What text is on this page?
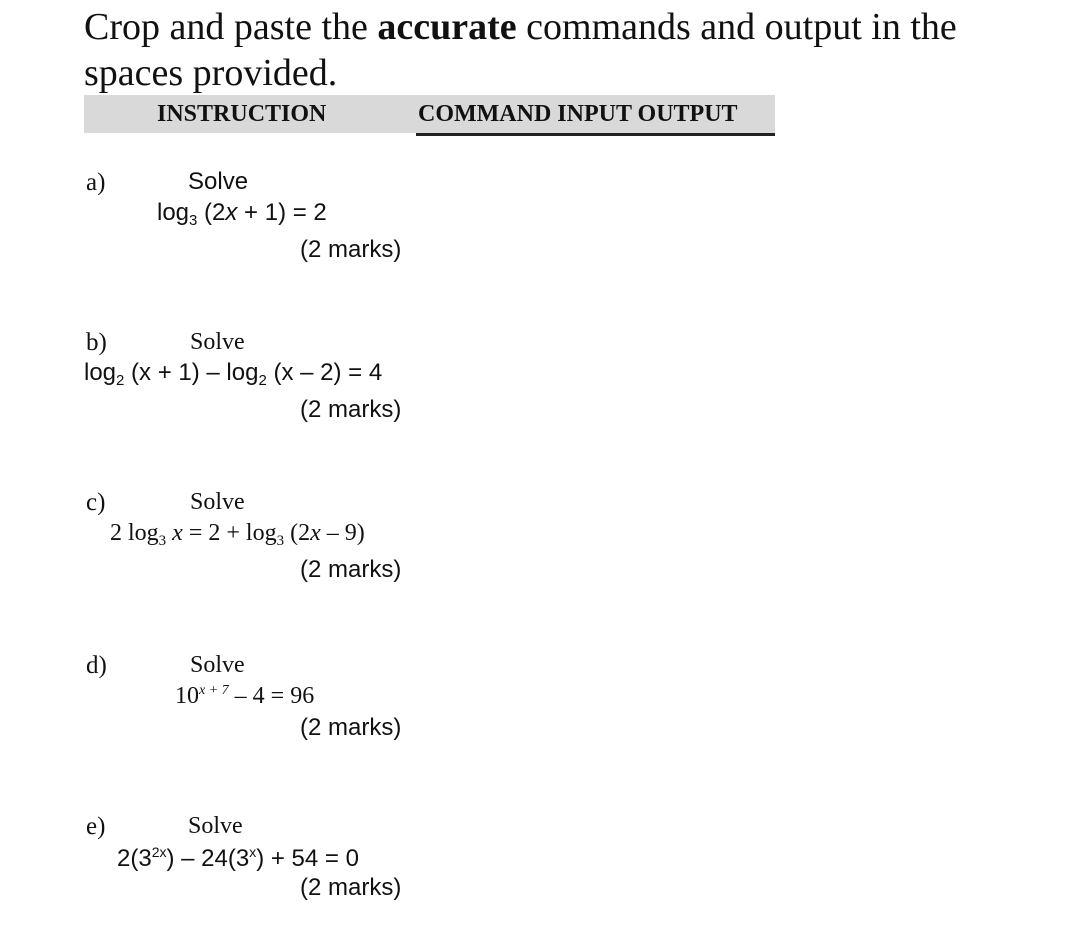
Crop and paste the accurate commands and output in the
spaces provided.
INSTRUCTION	COMMAND INPUT OUTPUT
a)	Solve
$\log_3 (2x + 1) = 2$
(2 marks)
b)	Solve
$\log_2 (x + 1) - \log_2 (x - 2) = 4$
(2 marks)
c)	Solve
2 $\log_3 x = 2 + \log_3 (2x - 9)$
(2 marks)
d)	Solve
$10^{x + 7} - 4 = 96$
(2 marks)
e)	Solve
$2(3^{2x}) - 24(3^x) + 54 = 0$
(2 marks)
